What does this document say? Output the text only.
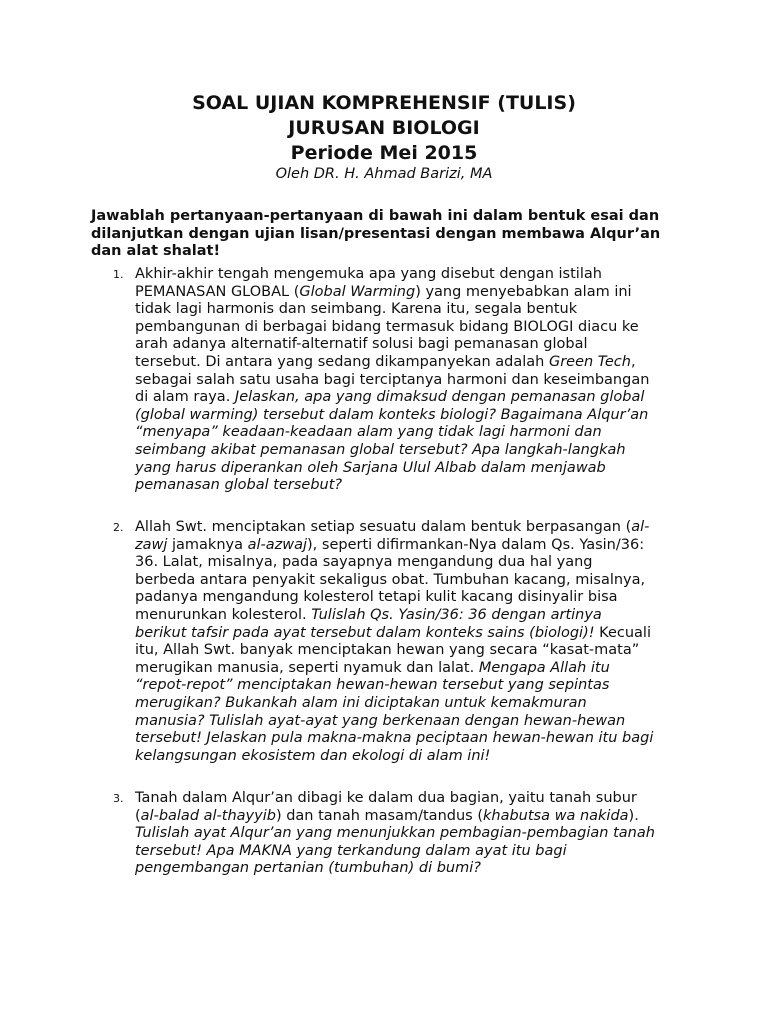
SOAL UJIAN KOMPREHENSIF (TULIS)
JURUSAN BIOLOGI
Periode Mei 2015

Oleh DR. H. Ahmad Barizi, MA

Jawablah pertanyaan-pertanyaan di bawah ini dalam bentuk esai dan dilanjutkan dengan ujian lisan/presentasi dengan membawa Alqur’an dan alat shalat!

1. Akhir-akhir tengah mengemuka apa yang disebut dengan istilah
PEMANASAN GLOBAL (Global Warming) yang menyebabkan alam ini
tidak lagi harmonis dan seimbang. Karena itu, segala bentuk
pembangunan di berbagai bidang termasuk bidang BIOLOGI diacu ke
arah adanya alternatif-alternatif solusi bagi pemanasan global
tersebut. Di antara yang sedang dikampanyekan adalah Green Tech,
sebagai salah satu usaha bagi terciptanya harmoni dan keseimbangan
di alam raya. Jelaskan, apa yang dimaksud dengan pemanasan global
(global warming) tersebut dalam konteks biologi? Bagaimana Alqur’an
“menyapa” keadaan-keadaan alam yang tidak lagi harmoni dan
seimbang akibat pemanasan global tersebut? Apa langkah-langkah
yang harus diperankan oleh Sarjana Ulul Albab dalam menjawab
pemanasan global tersebut?
2. Allah Swt. menciptakan setiap sesuatu dalam bentuk berpasangan (al-
zawj jamaknya al-azwaj), seperti difirmankan-Nya dalam Qs. Yasin/36:
36. Lalat, misalnya, pada sayapnya mengandung dua hal yang
berbeda antara penyakit sekaligus obat. Tumbuhan kacang, misalnya,
padanya mengandung kolesterol tetapi kulit kacang disinyalir bisa
menurunkan kolesterol. Tulislah Qs. Yasin/36: 36 dengan artinya
berikut tafsir pada ayat tersebut dalam konteks sains (biologi)! Kecuali
itu, Allah Swt. banyak menciptakan hewan yang secara “kasat-mata”
merugikan manusia, seperti nyamuk dan lalat. Mengapa Allah itu
“repot-repot” menciptakan hewan-hewan tersebut yang sepintas
merugikan? Bukankah alam ini diciptakan untuk kemakmuran
manusia? Tulislah ayat-ayat yang berkenaan dengan hewan-hewan
tersebut! Jelaskan pula makna-makna peciptaan hewan-hewan itu bagi
kelangsungan ekosistem dan ekologi di alam ini!
3. Tanah dalam Alqur’an dibagi ke dalam dua bagian, yaitu tanah subur
(al-balad al-thayyib) dan tanah masam/tandus (khabutsa wa nakida).
Tulislah ayat Alqur’an yang menunjukkan pembagian-pembagian tanah
tersebut! Apa MAKNA yang terkandung dalam ayat itu bagi
pengembangan pertanian (tumbuhan) di bumi?
